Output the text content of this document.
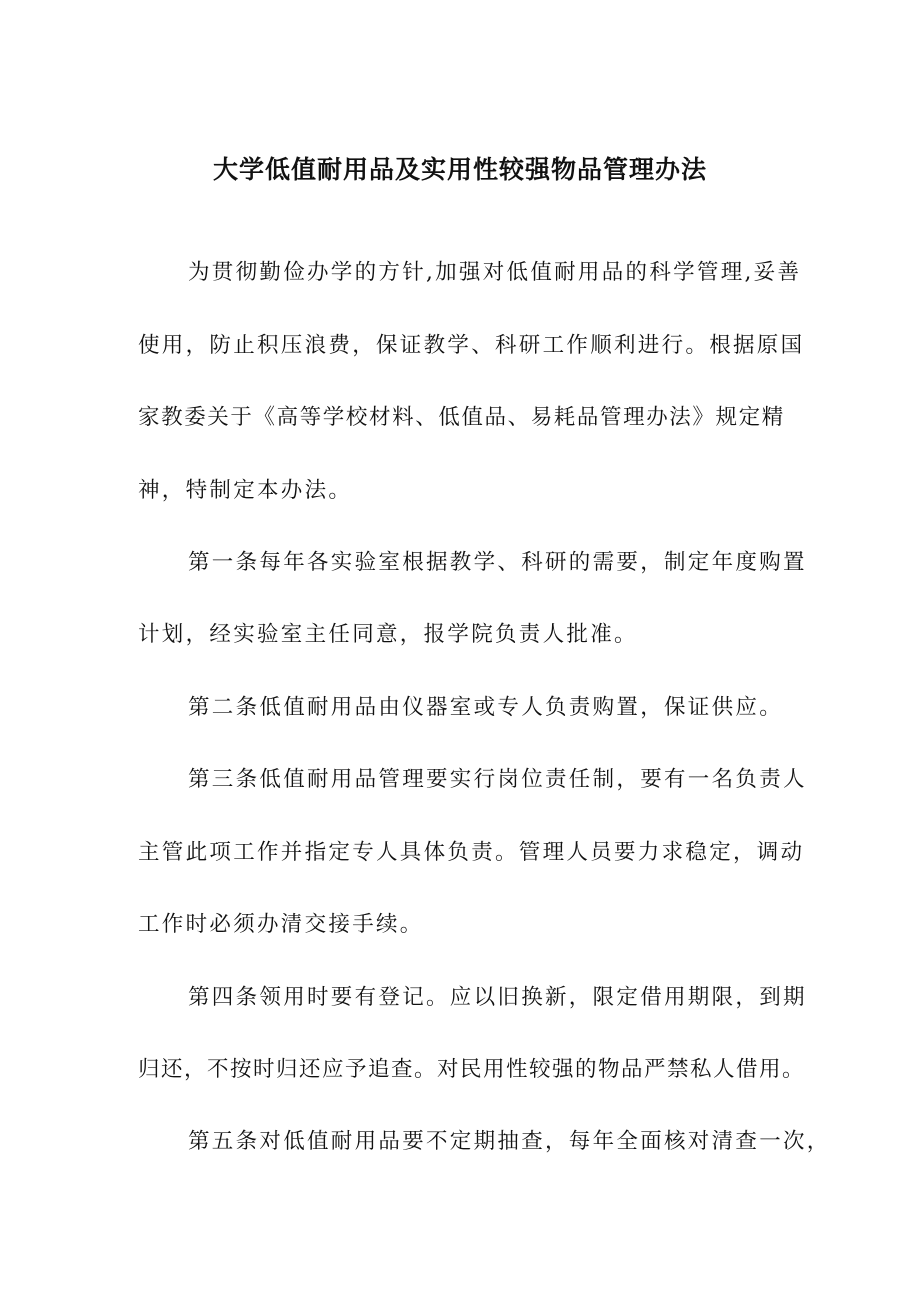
大学低值耐用品及实用性较强物品管理办法

为贯彻勤俭办学的方针,加强对低值耐用品的科学管理,妥善

使用，防止积压浪费，保证教学、科研工作顺利进行。根据原国

家教委关于《高等学校材料、低值品、易耗品管理办法》规定精

神，特制定本办法。

第一条每年各实验室根据教学、科研的需要，制定年度购置

计划，经实验室主任同意，报学院负责人批准。

第二条低值耐用品由仪器室或专人负责购置，保证供应。

第三条低值耐用品管理要实行岗位责任制，要有一名负责人

主管此项工作并指定专人具体负责。管理人员要力求稳定，调动

工作时必须办清交接手续。

第四条领用时要有登记。应以旧换新，限定借用期限，到期

归还，不按时归还应予追查。对民用性较强的物品严禁私人借用。

第五条对低值耐用品要不定期抽查，每年全面核对清查一次，
